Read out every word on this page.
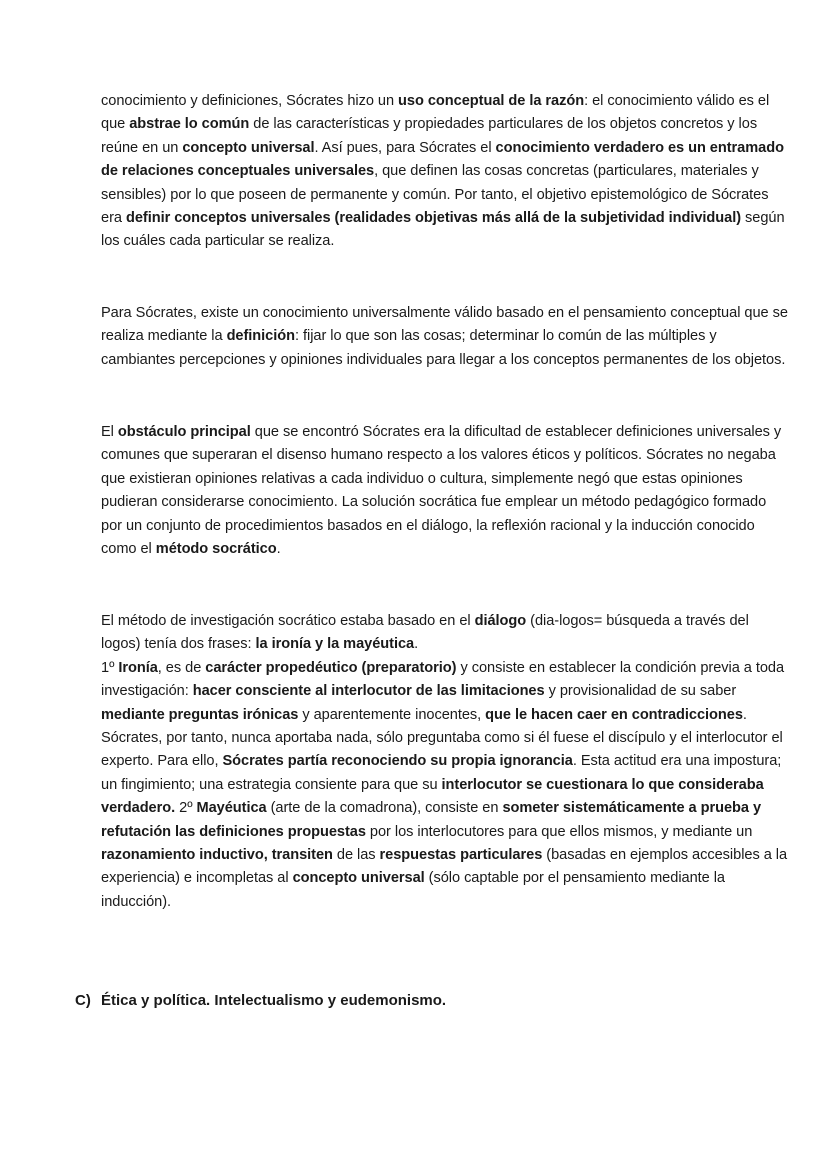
conocimiento y definiciones, Sócrates hizo un uso conceptual de la razón: el conocimiento válido es el que abstrae lo común de las características y propiedades particulares de los objetos concretos y los reúne en un concepto universal. Así pues, para Sócrates el conocimiento verdadero es un entramado de relaciones conceptuales universales, que definen las cosas concretas (particulares, materiales y sensibles) por lo que poseen de permanente y común. Por tanto, el objetivo epistemológico de Sócrates era definir conceptos universales (realidades objetivas más allá de la subjetividad individual) según los cuáles cada particular se realiza.

Para Sócrates, existe un conocimiento universalmente válido basado en el pensamiento conceptual que se realiza mediante la definición: fijar lo que son las cosas; determinar lo común de las múltiples y cambiantes percepciones y opiniones individuales para llegar a los conceptos permanentes de los objetos.

El obstáculo principal que se encontró Sócrates era la dificultad de establecer definiciones universales y comunes que superaran el disenso humano respecto a los valores éticos y políticos. Sócrates no negaba que existieran opiniones relativas a cada individuo o cultura, simplemente negó que estas opiniones pudieran considerarse conocimiento. La solución socrática fue emplear un método pedagógico formado por un conjunto de procedimientos basados en el diálogo, la reflexión racional y la inducción conocido como el método socrático.

El método de investigación socrático estaba basado en el diálogo (dia-logos= búsqueda a través del logos) tenía dos frases: la ironía y la mayéutica.
1º Ironía, es de carácter propedéutico (preparatorio) y consiste en establecer la condición previa a toda investigación: hacer consciente al interlocutor de las limitaciones y provisionalidad de su saber mediante preguntas irónicas y aparentemente inocentes, que le hacen caer en contradicciones. Sócrates, por tanto, nunca aportaba nada, sólo preguntaba como si él fuese el discípulo y el interlocutor el experto. Para ello, Sócrates partía reconociendo su propia ignorancia. Esta actitud era una impostura; un fingimiento; una estrategia consiente para que su interlocutor se cuestionara lo que consideraba verdadero. 2º Mayéutica (arte de la comadrona), consiste en someter sistemáticamente a prueba y refutación las definiciones propuestas por los interlocutores para que ellos mismos, y mediante un razonamiento inductivo, transiten de las respuestas particulares (basadas en ejemplos accesibles a la experiencia) e incompletas al concepto universal (sólo captable por el pensamiento mediante la inducción).

C) Ética y política. Intelectualismo y eudemonismo.
